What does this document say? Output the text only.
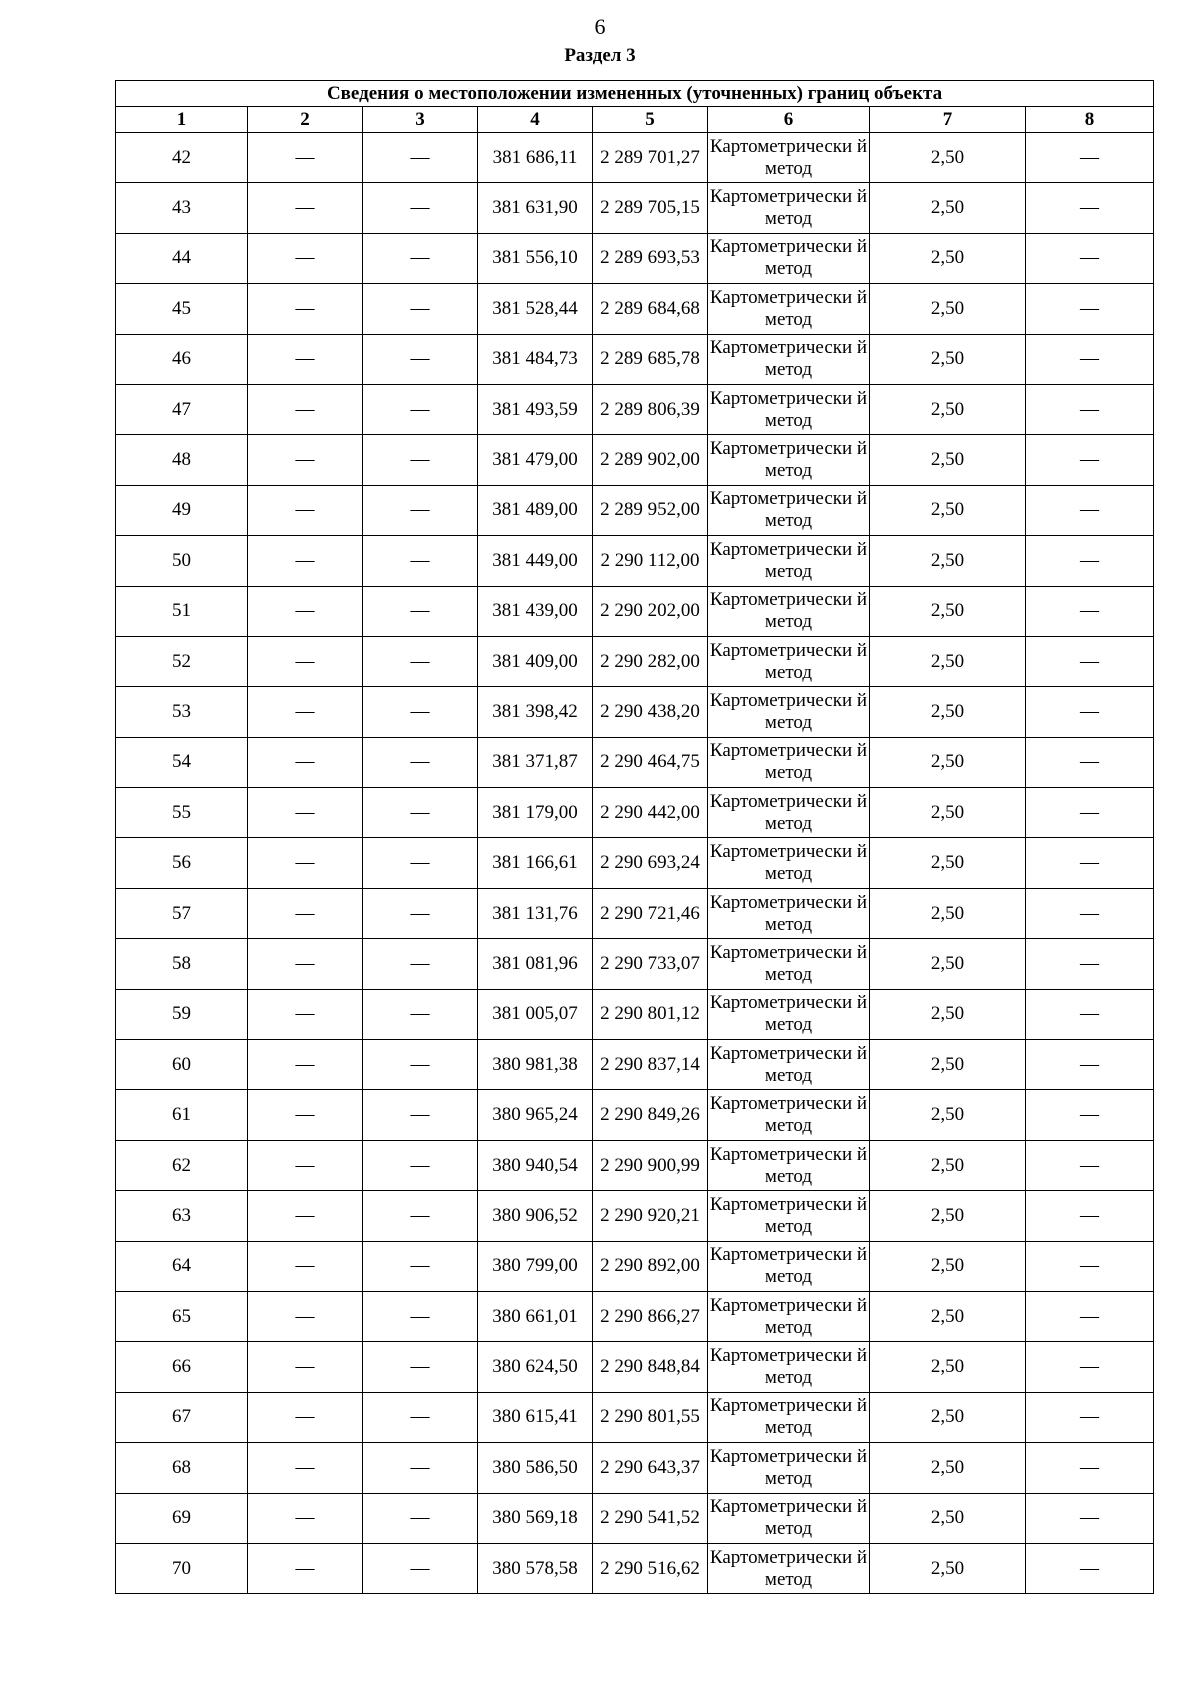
6
Раздел 3
Сведения о местоположении измененных (уточненных) границ объекта							
1	2	3	4	5	6	7	8
42	—	—	381 686,11	2 289 701,27	Картометрически й метод	2,50	—
43	—	—	381 631,90	2 289 705,15	Картометрически й метод	2,50	—
44	—	—	381 556,10	2 289 693,53	Картометрически й метод	2,50	—
45	—	—	381 528,44	2 289 684,68	Картометрически й метод	2,50	—
46	—	—	381 484,73	2 289 685,78	Картометрически й метод	2,50	—
47	—	—	381 493,59	2 289 806,39	Картометрически й метод	2,50	—
48	—	—	381 479,00	2 289 902,00	Картометрически й метод	2,50	—
49	—	—	381 489,00	2 289 952,00	Картометрически й метод	2,50	—
50	—	—	381 449,00	2 290 112,00	Картометрически й метод	2,50	—
51	—	—	381 439,00	2 290 202,00	Картометрически й метод	2,50	—
52	—	—	381 409,00	2 290 282,00	Картометрически й метод	2,50	—
53	—	—	381 398,42	2 290 438,20	Картометрически й метод	2,50	—
54	—	—	381 371,87	2 290 464,75	Картометрически й метод	2,50	—
55	—	—	381 179,00	2 290 442,00	Картометрически й метод	2,50	—
56	—	—	381 166,61	2 290 693,24	Картометрически й метод	2,50	—
57	—	—	381 131,76	2 290 721,46	Картометрически й метод	2,50	—
58	—	—	381 081,96	2 290 733,07	Картометрически й метод	2,50	—
59	—	—	381 005,07	2 290 801,12	Картометрически й метод	2,50	—
60	—	—	380 981,38	2 290 837,14	Картометрически й метод	2,50	—
61	—	—	380 965,24	2 290 849,26	Картометрически й метод	2,50	—
62	—	—	380 940,54	2 290 900,99	Картометрически й метод	2,50	—
63	—	—	380 906,52	2 290 920,21	Картометрически й метод	2,50	—
64	—	—	380 799,00	2 290 892,00	Картометрически й метод	2,50	—
65	—	—	380 661,01	2 290 866,27	Картометрически й метод	2,50	—
66	—	—	380 624,50	2 290 848,84	Картометрически й метод	2,50	—
67	—	—	380 615,41	2 290 801,55	Картометрически й метод	2,50	—
68	—	—	380 586,50	2 290 643,37	Картометрически й метод	2,50	—
69	—	—	380 569,18	2 290 541,52	Картометрически й метод	2,50	—
70	—	—	380 578,58	2 290 516,62	Картометрически й метод	2,50	—
